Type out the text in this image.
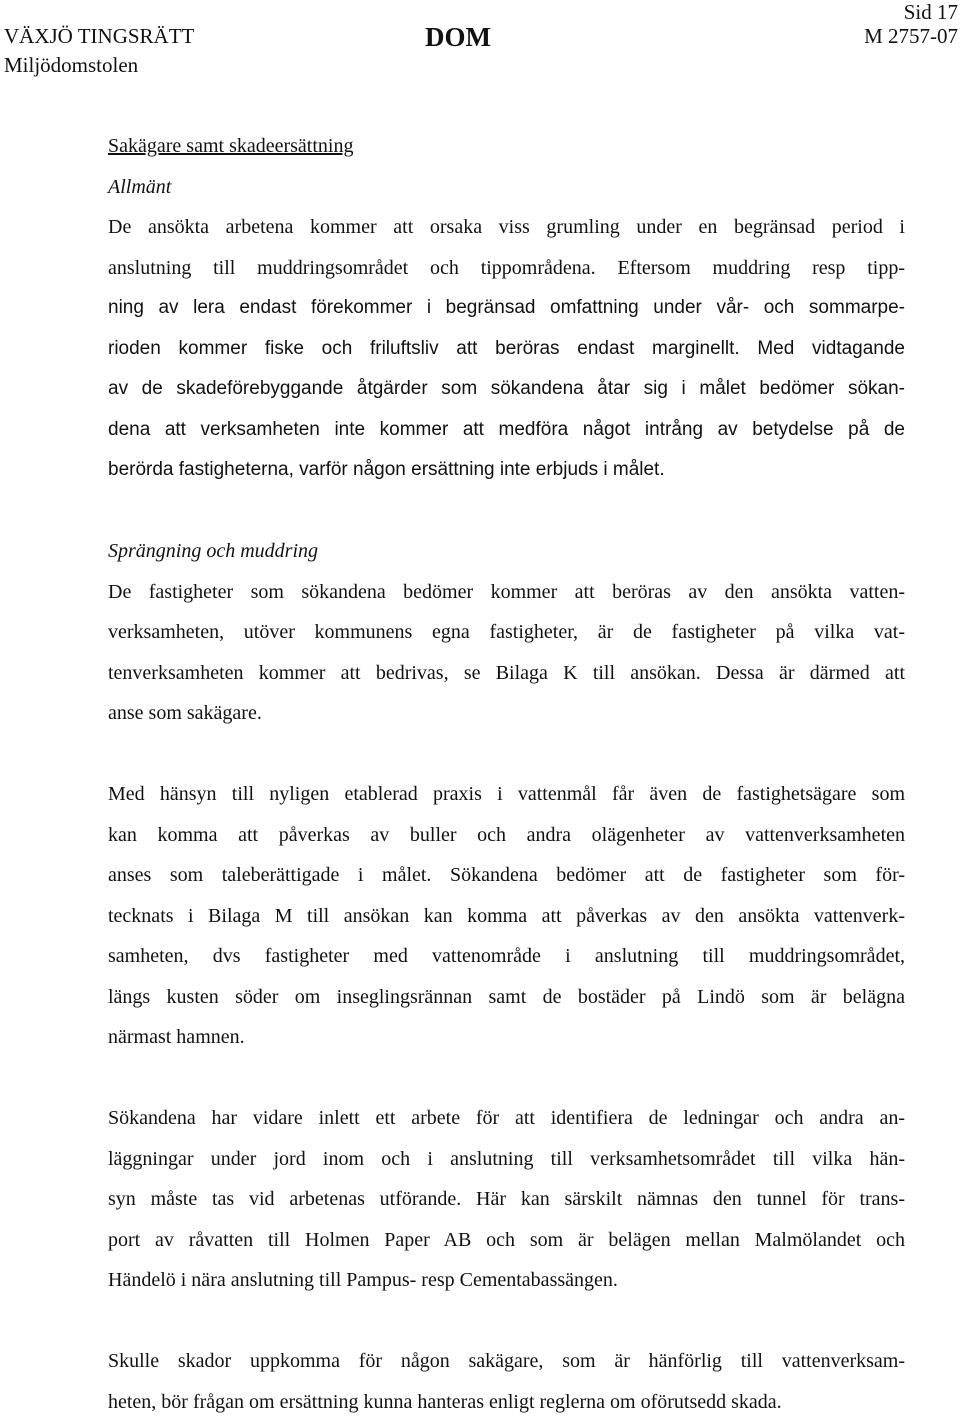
VÄXJÖ TINGSRÄTT
Miljödomstolen
DOM
Sid 17
M 2757-07
Sakägare samt skadeersättning
Allmänt
De ansökta arbetena kommer att orsaka viss grumling under en begränsad period i
anslutning till muddringsområdet och tippområdena. Eftersom muddring resp tipp-
ning av lera endast förekommer i begränsad omfattning under vår- och sommarpe-
rioden kommer fiske och friluftsliv att beröras endast marginellt. Med vidtagande
av de skadeförebyggande åtgärder som sökandena åtar sig i målet bedömer sökan-
dena att verksamheten inte kommer att medföra något intrång av betydelse på de
berörda fastigheterna, varför någon ersättning inte erbjuds i målet.
Sprängning och muddring
De fastigheter som sökandena bedömer kommer att beröras av den ansökta vatten-
verksamheten, utöver kommunens egna fastigheter, är de fastigheter på vilka vat-
tenverksamheten kommer att bedrivas, se Bilaga K till ansökan. Dessa är därmed att
anse som sakägare.
Med hänsyn till nyligen etablerad praxis i vattenmål får även de fastighetsägare som
kan komma att påverkas av buller och andra olägenheter av vattenverksamheten
anses som taleberättigade i målet. Sökandena bedömer att de fastigheter som för-
tecknats i Bilaga M till ansökan kan komma att påverkas av den ansökta vattenverk-
samheten, dvs fastigheter med vattenområde i anslutning till muddringsområdet,
längs kusten söder om inseglingsrännan samt de bostäder på Lindö som är belägna
närmast hamnen.
Sökandena har vidare inlett ett arbete för att identifiera de ledningar och andra an-
läggningar under jord inom och i anslutning till verksamhetsområdet till vilka hän-
syn måste tas vid arbetenas utförande. Här kan särskilt nämnas den tunnel för trans-
port av råvatten till Holmen Paper AB och som är belägen mellan Malmölandet och
Händelö i nära anslutning till Pampus- resp Cementabassängen.
Skulle skador uppkomma för någon sakägare, som är hänförlig till vattenverksam-
heten, bör frågan om ersättning kunna hanteras enligt reglerna om oförutsedd skada.
